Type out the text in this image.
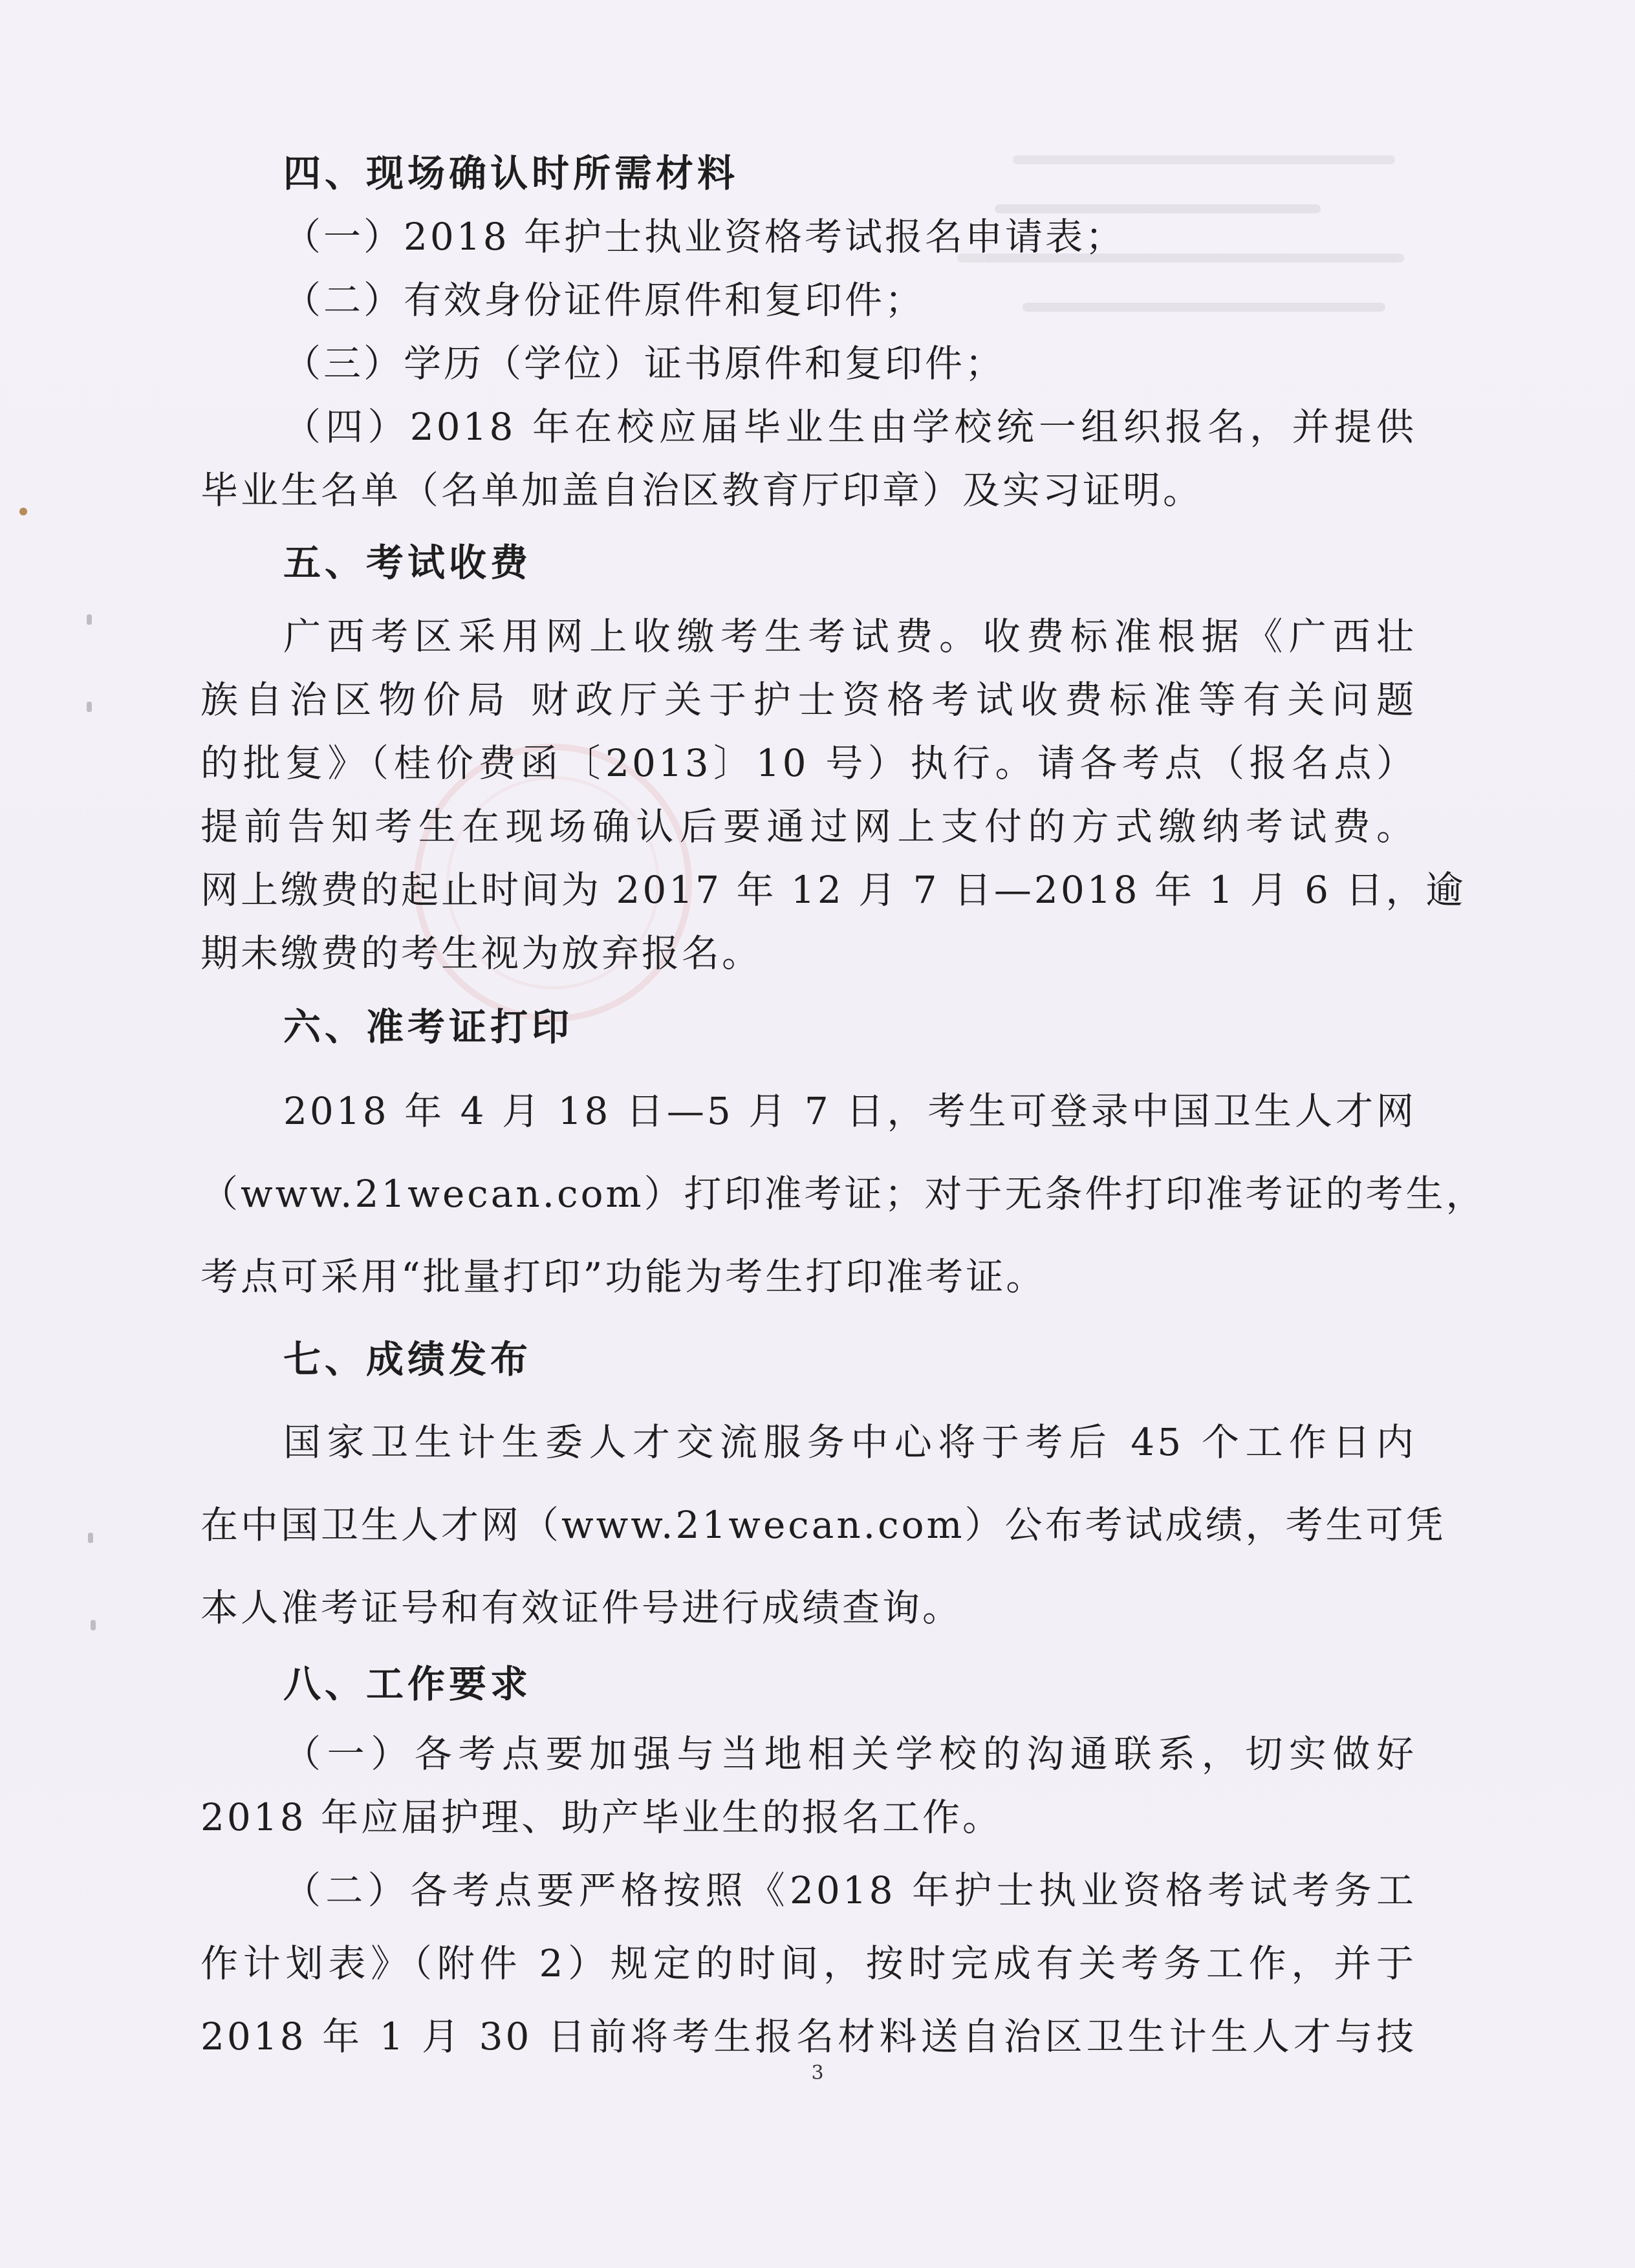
四、现场确认时所需材料
（一）2018 年护士执业资格考试报名申请表；
（二）有效身份证件原件和复印件；
（三）学历（学位）证书原件和复印件；
（四）2018 年在校应届毕业生由学校统一组织报名，并提供
毕业生名单（名单加盖自治区教育厅印章）及实习证明。
五、考试收费
广西考区采用网上收缴考生考试费。收费标准根据《广西壮
族自治区物价局 财政厅关于护士资格考试收费标准等有关问题
的批复》（桂价费函〔2013〕10 号）执行。请各考点（报名点）
提前告知考生在现场确认后要通过网上支付的方式缴纳考试费。
网上缴费的起止时间为 2017 年 12 月 7 日—2018 年 1 月 6 日，逾
期未缴费的考生视为放弃报名。
六、准考证打印
2018 年 4 月 18 日—5 月 7 日，考生可登录中国卫生人才网
（www.21wecan.com）打印准考证；对于无条件打印准考证的考生，
考点可采用“批量打印”功能为考生打印准考证。
七、成绩发布
国家卫生计生委人才交流服务中心将于考后 45 个工作日内
在中国卫生人才网（www.21wecan.com）公布考试成绩，考生可凭
本人准考证号和有效证件号进行成绩查询。
八、工作要求
（一）各考点要加强与当地相关学校的沟通联系，切实做好
2018 年应届护理、助产毕业生的报名工作。
（二）各考点要严格按照《2018 年护士执业资格考试考务工
作计划表》（附件 2）规定的时间，按时完成有关考务工作，并于
2018 年 1 月 30 日前将考生报名材料送自治区卫生计生人才与技
3
